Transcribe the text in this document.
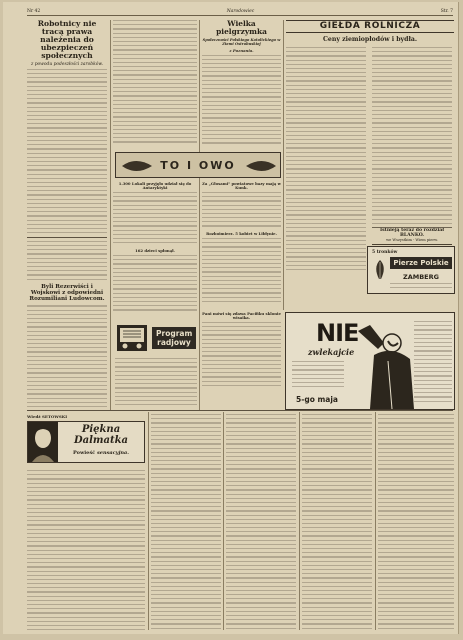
Nr 42	Narodowiec	Str. 7
Robotnicy nie tracą prawa należenia do ubezpieczeń społecznych
z powodu podeszłości zarobków.
Byli Rezerwiści i Wojskowi z odpowiedni Rozumiliani Ludowcom.
Wielka pielgrzymka
Społeczności Polskiego Katolickiego w Ziemi Ostrobuskiej
z Poznania.
TO I OWO
1.300 Lokali przyjęło udział się do Antaryktyki
162 dzieci spłonął.
Za „Głosami" powiatowe bazy mają w Kunk.
Rozboimierz. 5 kobiet w Liłdynie.
Pani mówi się zdawa Pacifiku sklonie wisaika.
Program
radjowy
GIEŁDA ROLNICZA
Ceny ziemiopłodów i bydła.
Istnieją teraz do rozdział BLANKO.
we Wszystkim - Wiem pierw.
5 tronków
Pierze Polskie
ZAMBERG
NIE
zwlekajcie
5-go maja
Wiedź SETOWSKI
Piękna Dalmatka
Powieść sensacyjna.
